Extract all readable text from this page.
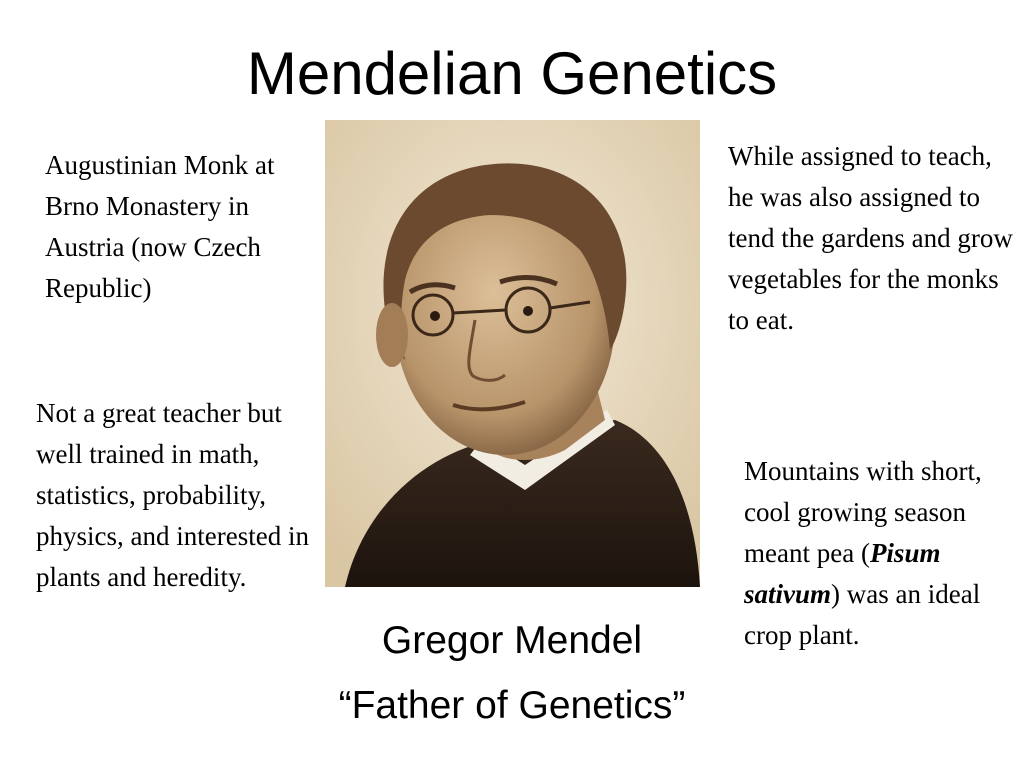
Mendelian Genetics

Augustinian Monk at Brno Monastery in Austria (now Czech Republic)

Not a great teacher but well trained in math, statistics, probability, physics, and interested in plants and heredity.

Gregor Mendel
“Father of Genetics”

While assigned to teach, he was also assigned to tend the gardens and grow vegetables for the monks to eat.

Mountains with short, cool growing season meant pea (Pisum sativum) was an ideal crop plant.
